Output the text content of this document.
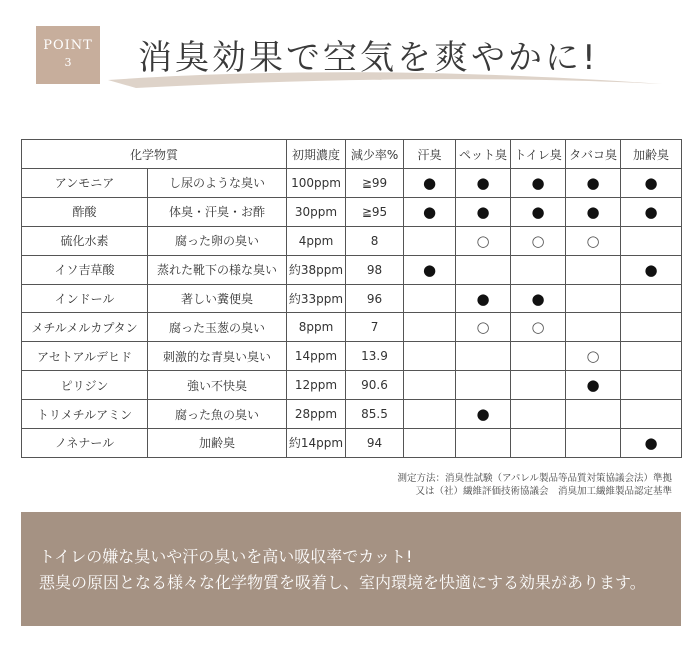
POINT
3	消臭効果で空気を爽やかに!
化学物質		初期濃度	減少率%	汗臭	ペット臭	トイレ臭	タバコ臭	加齢臭
アンモニア	し尿のような臭い	100ppm	≧99	●	●	●	●	●
酢酸	体臭・汗臭・お酢	30ppm	≧95	●	●	●	●	●
硫化水素	腐った卵の臭い	4ppm	8		○	○	○	
イソ吉草酸	蒸れた靴下の様な臭い	約38ppm	98	●				●
インドール	著しい糞便臭	約33ppm	96		●	●		
メチルメルカプタン	腐った玉葱の臭い	8ppm	7		○	○		
アセトアルデヒド	刺激的な青臭い臭い	14ppm	13.9				○	
ピリジン	強い不快臭	12ppm	90.6				●	
トリメチルアミン	腐った魚の臭い	28ppm	85.5		●			
ノネナール	加齢臭	約14ppm	94					●
測定方法：消臭性試験（アパレル製品等品質対策協議会法）準拠
又は（社）繊維評価技術協議会　消臭加工繊維製品認定基準
トイレの嫌な臭いや汗の臭いを高い吸収率でカット!
悪臭の原因となる様々な化学物質を吸着し、室内環境を快適にする効果があります。
